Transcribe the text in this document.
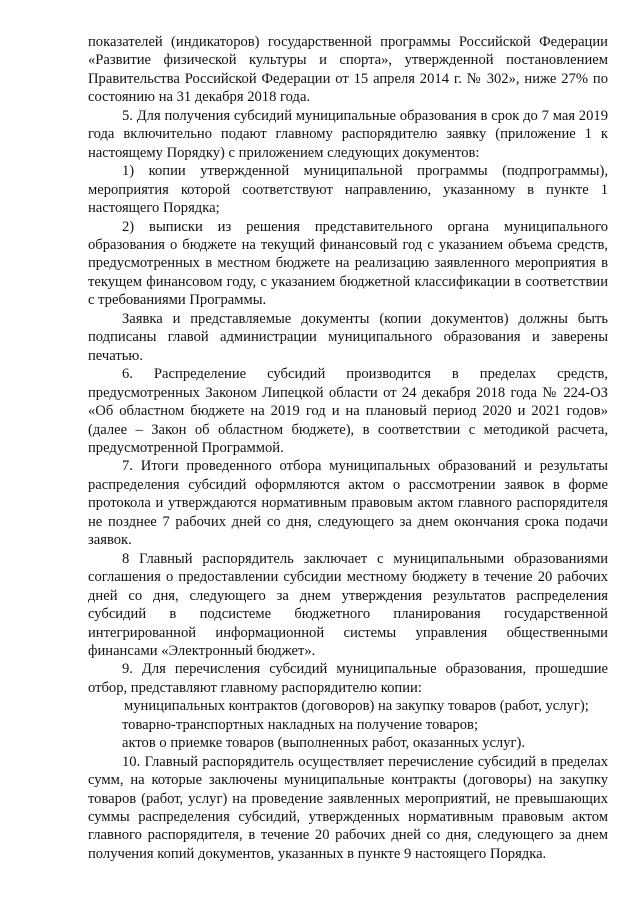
показателей (индикаторов) государственной программы Российской Федерации «Развитие физической культуры и спорта», утвержденной постановлением Правительства Российской Федерации от 15 апреля 2014 г. № 302», ниже 27% по состоянию на 31 декабря 2018 года.

5. Для получения субсидий муниципальные образования в срок до 7 мая 2019 года включительно подают главному распорядителю заявку (приложение 1 к настоящему Порядку) с приложением следующих документов:

1) копии утвержденной муниципальной программы (подпрограммы), мероприятия которой соответствуют направлению, указанному в пункте 1 настоящего Порядка;

2) выписки из решения представительного органа муниципального образования о бюджете на текущий финансовый год с указанием объема средств, предусмотренных в местном бюджете на реализацию заявленного мероприятия в текущем финансовом году, с указанием бюджетной классификации в соответствии с требованиями Программы.

Заявка и представляемые документы (копии документов) должны быть подписаны главой администрации муниципального образования и заверены печатью.

6. Распределение субсидий производится в пределах средств, предусмотренных Законом Липецкой области от 24 декабря 2018 года № 224-ОЗ «Об областном бюджете на 2019 год и на плановый период 2020 и 2021 годов» (далее – Закон об областном бюджете), в соответствии с методикой расчета, предусмотренной Программой.

7. Итоги проведенного отбора муниципальных образований и результаты распределения субсидий оформляются актом о рассмотрении заявок в форме протокола и утверждаются нормативным правовым актом главного распорядителя не позднее 7 рабочих дней со дня, следующего за днем окончания срока подачи заявок.

8 Главный распорядитель заключает с муниципальными образованиями соглашения о предоставлении субсидии местному бюджету в течение 20 рабочих дней со дня, следующего за днем утверждения результатов распределения субсидий в подсистеме бюджетного планирования государственной интегрированной информационной системы управления общественными финансами «Электронный бюджет».

9. Для перечисления субсидий муниципальные образования, прошедшие отбор, представляют главному распорядителю копии:

муниципальных контрактов (договоров) на закупку товаров (работ, услуг);

товарно-транспортных накладных на получение товаров;

актов о приемке товаров (выполненных работ, оказанных услуг).

10. Главный распорядитель осуществляет перечисление субсидий в пределах сумм, на которые заключены муниципальные контракты (договоры) на закупку товаров (работ, услуг) на проведение заявленных мероприятий, не превышающих суммы распределения субсидий, утвержденных нормативным правовым актом главного распорядителя, в течение 20 рабочих дней со дня, следующего за днем получения копий документов, указанных в пункте 9 настоящего Порядка.
